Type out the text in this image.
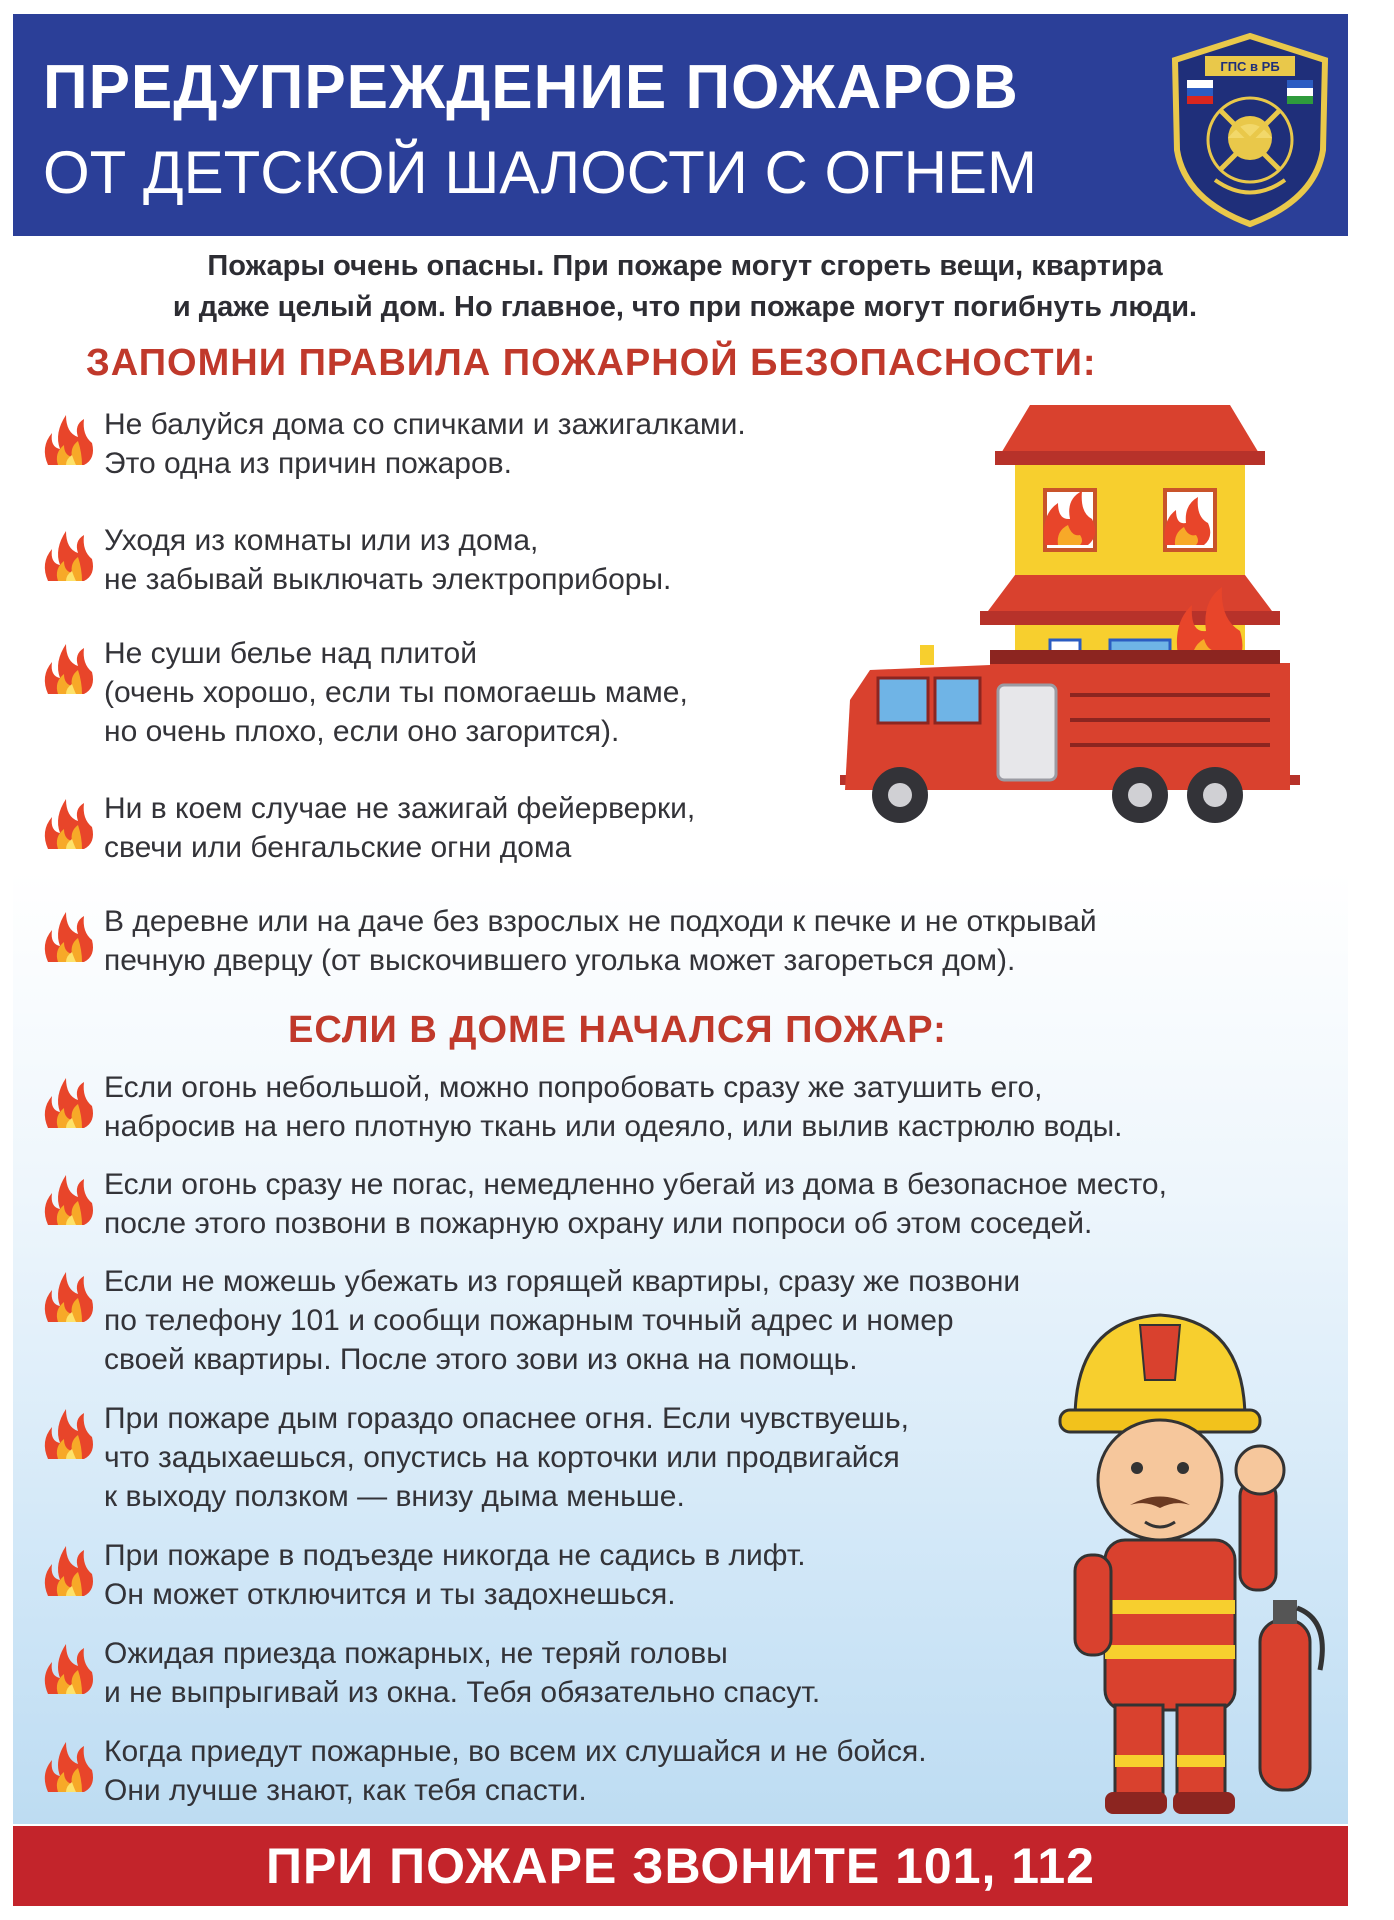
ПРЕДУПРЕЖДЕНИЕ ПОЖАРОВ
ОТ ДЕТСКОЙ ШАЛОСТИ С ОГНЕМ
ГПС в РБ
Пожары очень опасны. При пожаре могут сгореть вещи, квартира
и даже целый дом. Но главное, что при пожаре могут погибнуть люди.
ЗАПОМНИ ПРАВИЛА ПОЖАРНОЙ БЕЗОПАСНОСТИ:
Не балуйся дома со спичками и зажигалками.
Это одна из причин пожаров.
Уходя из комнаты или из дома,
не забывай выключать электроприборы.
Не суши белье над плитой
(очень хорошо, если ты помогаешь маме,
но очень плохо, если оно загорится).
Ни в коем случае не зажигай фейерверки,
свечи или бенгальские огни дома
В деревне или на даче без взрослых не подходи к печке и не открывай
печную дверцу (от выскочившего уголька может загореться дом).
ЕСЛИ В ДОМЕ НАЧАЛСЯ ПОЖАР:
Если огонь небольшой, можно попробовать сразу же затушить его,
набросив на него плотную ткань или одеяло, или вылив кастрюлю воды.
Если огонь сразу не погас, немедленно убегай из дома в безопасное место,
после этого позвони в пожарную охрану или попроси об этом соседей.
Если не можешь убежать из горящей квартиры, сразу же позвони
по телефону 101 и сообщи пожарным точный адрес и номер
своей квартиры. После этого зови из окна на помощь.
При пожаре дым гораздо опаснее огня. Если чувствуешь,
что задыхаешься, опустись на корточки или продвигайся
к выходу ползком — внизу дыма меньше.
При пожаре в подъезде никогда не садись в лифт.
Он может отключится и ты задохнешься.
Ожидая приезда пожарных, не теряй головы
и не выпрыгивай из окна. Тебя обязательно спасут.
Когда приедут пожарные, во всем их слушайся и не бойся.
Они лучше знают, как тебя спасти.
ПРИ ПОЖАРЕ ЗВОНИТЕ 101, 112
